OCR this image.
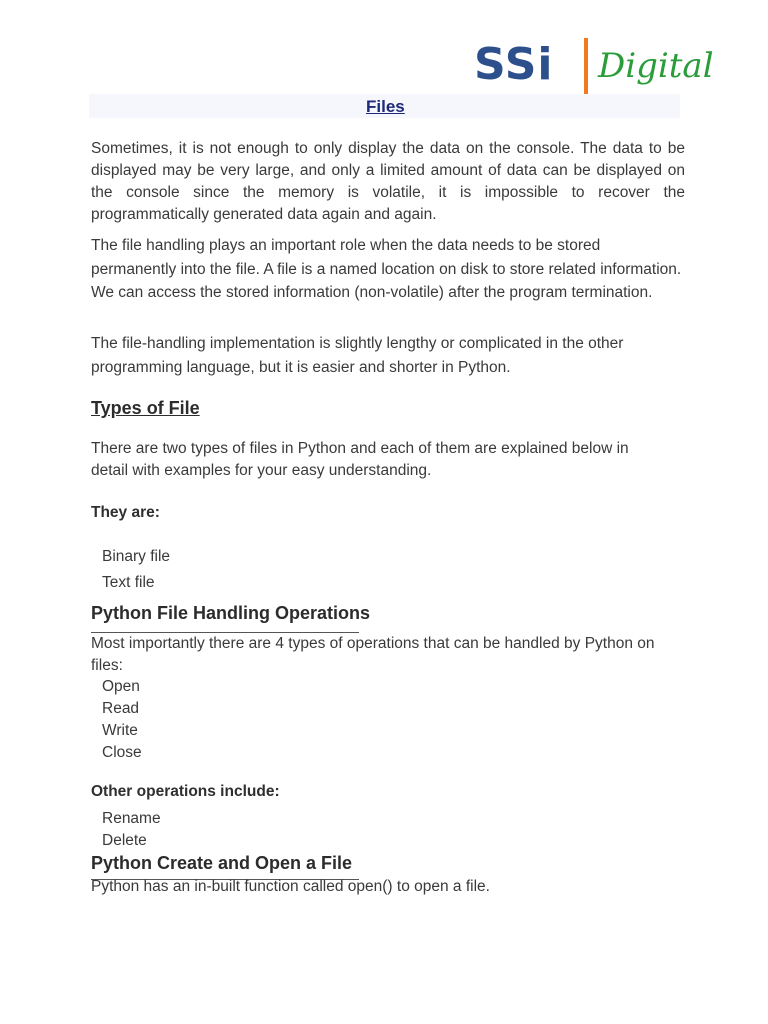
SSi Digital
Files
Sometimes, it is not enough to only display the data on the console. The data to be displayed may be very large, and only a limited amount of data can be displayed on the console since the memory is volatile, it is impossible to recover the programmatically generated data again and again.
The file handling plays an important role when the data needs to be stored permanently into the file. A file is a named location on disk to store related information. We can access the stored information (non-volatile) after the program termination.
The file-handling implementation is slightly lengthy or complicated in the other programming language, but it is easier and shorter in Python.
Types of File
There are two types of files in Python and each of them are explained below in detail with examples for your easy understanding.
They are:
Binary file
Text file
Python File Handling Operations
Most importantly there are 4 types of operations that can be handled by Python on files:
Open
Read
Write
Close
Other operations include:
Rename
Delete
Python Create and Open a File
Python has an in-built function called open() to open a file.
